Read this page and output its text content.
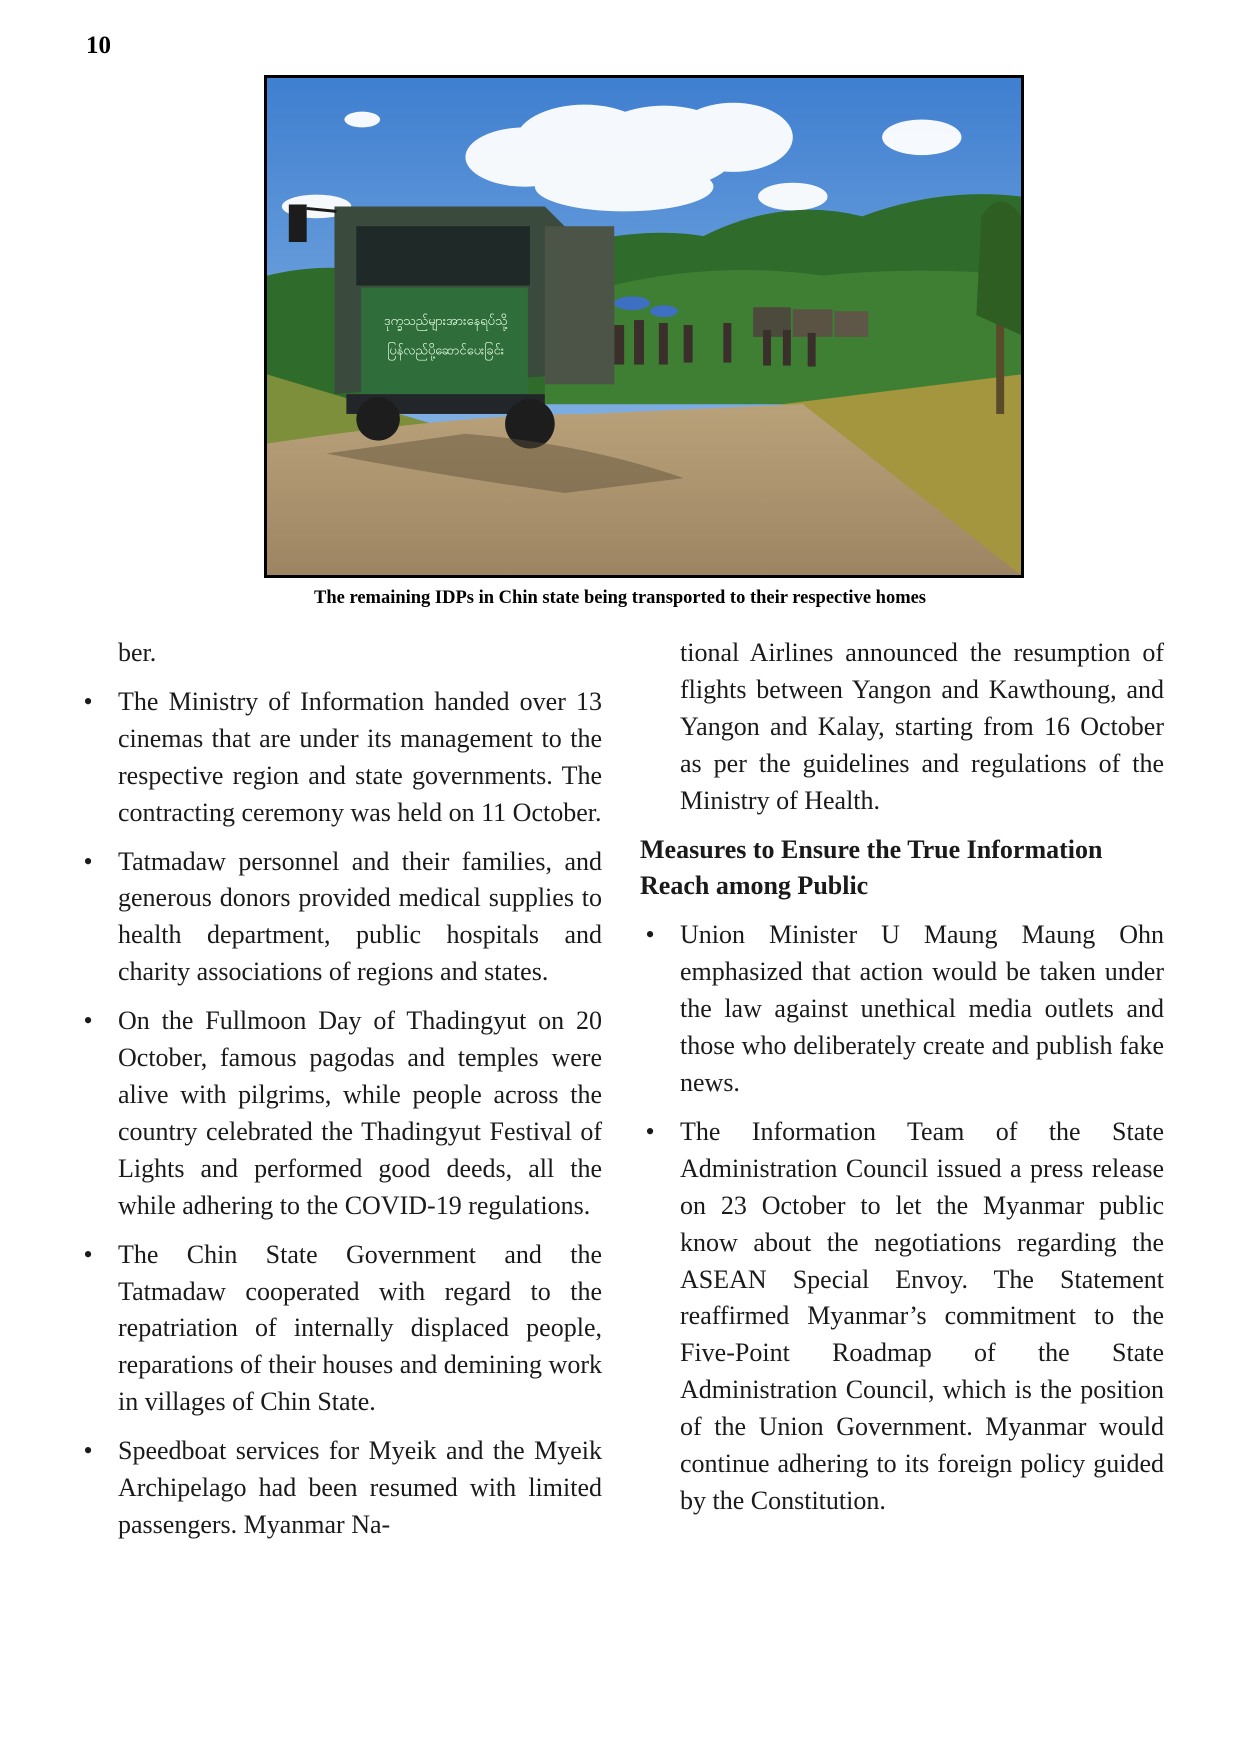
10
ဒုက္ခသည်များအားနေရပ်သို့
ပြန်လည်ပို့ဆောင်ပေးခြင်း
The remaining IDPs in Chin state being transported to their respective homes

ber.

• The Ministry of Information handed over 13 cinemas that are under its management to the respective region and state governments. The contracting ceremony was held on 11 October.
• Tatmadaw personnel and their families, and generous donors provided medical supplies to health department, public hospitals and charity associations of regions and states.
• On the Fullmoon Day of Thadingyut on 20 October, famous pagodas and temples were alive with pilgrims, while people across the country celebrated the Thadingyut Festival of Lights and performed good deeds, all the while adhering to the COVID-19 regulations.
• The Chin State Government and the Tatmadaw cooperated with regard to the repatriation of internally displaced people, reparations of their houses and demining work in villages of Chin State.
• Speedboat services for Myeik and the Myeik Archipelago had been resumed with limited passengers. Myanmar Na-

tional Airlines announced the resumption of flights between Yangon and Kawthoung, and Yangon and Kalay, starting from 16 October as per the guidelines and regulations of the Ministry of Health.

Measures to Ensure the True Information Reach among Public
• Union Minister U Maung Maung Ohn emphasized that action would be taken under the law against unethical media outlets and those who deliberately create and publish fake news.
• The Information Team of the State Administration Council issued a press release on 23 October to let the Myanmar public know about the negotiations regarding the ASEAN Special Envoy. The Statement reaffirmed Myanmar’s commitment to the Five-Point Roadmap of the State Administration Council, which is the position of the Union Government. Myanmar would continue adhering to its foreign policy guided by the Constitution.
